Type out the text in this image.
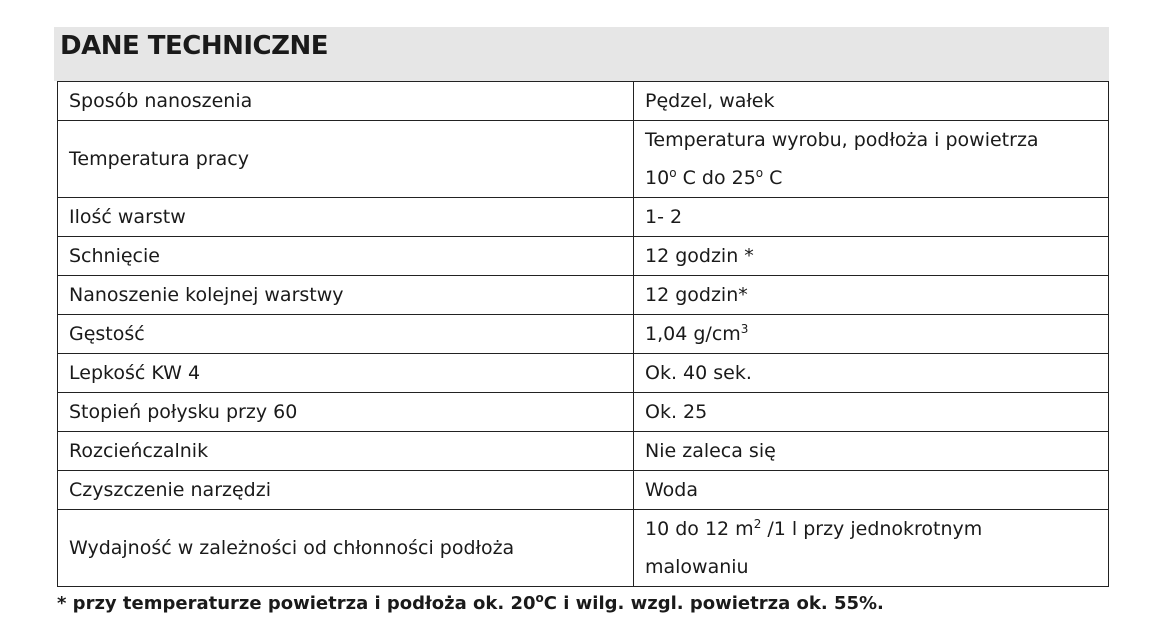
DANE TECHNICZNE
Sposób nanoszenia	Pędzel, wałek
Temperatura pracy	Temperatura wyrobu, podłoża i powietrza
10$^o$ C do 25$^o$ C

Ilość warstw	1- 2
Schnięcie	12 godzin *
Nanoszenie kolejnej warstwy	12 godzin*
Gęstość	1,04 $g/cm^3$
Lepkość KW 4	Ok. 40 sek.
Stopień połysku przy 60	Ok. 25
Rozcieńczalnik	Nie zaleca się
Czyszczenie narzędzi	Woda
Wydajność w zależności od chłonności podłoża	10 do 12 $m^2$ /1 l przy jednokrotnym
malowaniu
* przy temperaturze powietrza i podłoża ok. 20$^o$C i wilg. wzgl. powietrza ok. 55%.
